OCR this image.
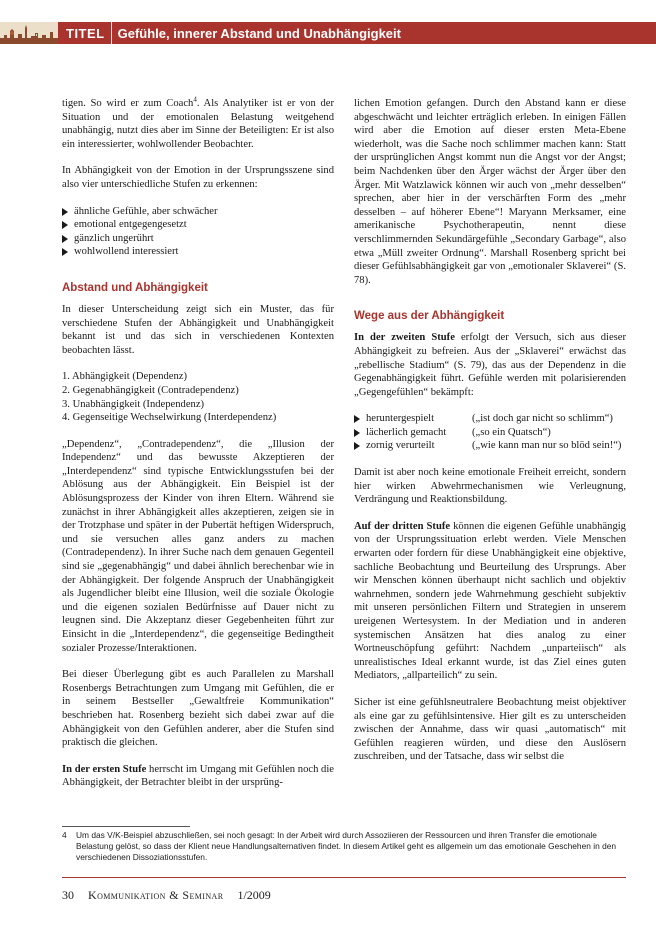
TITEL	Gefühle, innerer Abstand und Unabhängigkeit

tigen. So wird er zum Coach$^4$. Als Analytiker ist er von der Situation und der emotionalen Belastung weitgehend unabhängig, nutzt dies aber im Sinne der Beteiligten: Er ist also ein interessierter, wohlwollender Beobachter.

In Abhängigkeit von der Emotion in der Ursprungsszene sind also vier unterschiedliche Stufen zu erkennen:

ähnliche Gefühle, aber schwächer
emotional entgegengesetzt
gänzlich ungerührt
wohlwollend interessiert
Abstand und Abhängigkeit

In dieser Unterscheidung zeigt sich ein Muster, das für verschiedene Stufen der Abhängigkeit und Unabhängigkeit bekannt ist und das sich in verschiedenen Kontexten beobachten lässt.

1. Abhängigkeit (Dependenz)
2. Gegenabhängigkeit (Contradependenz)
3. Unabhängigkeit (Independenz)
4. Gegenseitige Wechselwirkung (Interdependenz)

„Dependenz“, „Contradependenz“, die „Illusion der Independenz“ und das bewusste Akzeptieren der „Interdependenz“ sind typische Entwicklungsstufen bei der Ablösung aus der Abhängigkeit. Ein Beispiel ist der Ablösungsprozess der Kinder von ihren Eltern. Während sie zunächst in ihrer Abhängigkeit alles akzeptieren, zeigen sie in der Trotzphase und später in der Pubertät heftigen Widerspruch, und sie versuchen alles ganz anders zu machen (Contradependenz). In ihrer Suche nach dem genauen Gegenteil sind sie „gegenabhängig“ und dabei ähnlich berechenbar wie in der Abhängigkeit. Der folgende Anspruch der Unabhängigkeit als Jugendlicher bleibt eine Illusion, weil die soziale Ökologie und die eigenen sozialen Bedürfnisse auf Dauer nicht zu leugnen sind. Die Akzeptanz dieser Gegebenheiten führt zur Einsicht in die „Interdependenz“, die gegenseitige Bedingtheit sozialer Prozesse/Interaktionen.

Bei dieser Überlegung gibt es auch Parallelen zu Marshall Rosenbergs Betrachtungen zum Umgang mit Gefühlen, die er in seinem Bestseller „Gewaltfreie Kommunikation“ beschrieben hat. Rosenberg bezieht sich dabei zwar auf die Abhängigkeit von den Gefühlen anderer, aber die Stufen sind praktisch die gleichen.

In der ersten Stufe herrscht im Umgang mit Gefühlen noch die Abhängigkeit, der Betrachter bleibt in der ursprüng-

lichen Emotion gefangen. Durch den Abstand kann er diese abgeschwächt und leichter erträglich erleben. In einigen Fällen wird aber die Emotion auf dieser ersten Meta-Ebene wiederholt, was die Sache noch schlimmer machen kann: Statt der ursprünglichen Angst kommt nun die Angst vor der Angst; beim Nachdenken über den Ärger wächst der Ärger über den Ärger. Mit Watzlawick können wir auch von „mehr desselben“ sprechen, aber hier in der verschärften Form des „mehr desselben – auf höherer Ebene“! Maryann Merksamer, eine amerikanische Psychotherapeutin, nennt diese verschlimmernden Sekundärgefühle „Secondary Garbage“, also etwa „Müll zweiter Ordnung“. Marshall Rosenberg spricht bei dieser Gefühlsabhängigkeit gar von „emotionaler Sklaverei“ (S. 78).

Wege aus der Abhängigkeit

In der zweiten Stufe erfolgt der Versuch, sich aus dieser Abhängigkeit zu befreien. Aus der „Sklaverei“ erwächst das „rebellische Stadium“ (S. 79), das aus der Dependenz in die Gegenabhängigkeit führt. Gefühle werden mit polarisierenden „Gegengefühlen“ bekämpft:

heruntergespielt	(„ist doch gar nicht so schlimm“)
lächerlich gemacht	(„so ein Quatsch“)
zornig verurteilt	(„wie kann man nur so blöd sein!“)

Damit ist aber noch keine emotionale Freiheit erreicht, sondern hier wirken Abwehrmechanismen wie Verleugnung, Verdrängung und Reaktionsbildung.

Auf der dritten Stufe können die eigenen Gefühle unabhängig von der Ursprungssituation erlebt werden. Viele Menschen erwarten oder fordern für diese Unabhängigkeit eine objektive, sachliche Beobachtung und Beurteilung des Ursprungs. Aber wir Menschen können überhaupt nicht sachlich und objektiv wahrnehmen, sondern jede Wahrnehmung geschieht subjektiv mit unseren persönlichen Filtern und Strategien in unserem ureigenen Wertesystem. In der Mediation und in anderen systemischen Ansätzen hat dies analog zu einer Wortneuschöpfung geführt: Nachdem „unparteiisch“ als unrealistisches Ideal erkannt wurde, ist das Ziel eines guten Mediators, „allparteilich“ zu sein.

Sicher ist eine gefühlsneutralere Beobachtung meist objektiver als eine gar zu gefühlsintensive. Hier gilt es zu unterscheiden zwischen der Annahme, dass wir quasi „automatisch“ mit Gefühlen reagieren würden, und diese den Auslösern zuschreiben, und der Tatsache, dass wir selbst die

4	Um das V/K-Beispiel abzuschließen, sei noch gesagt: In der Arbeit wird durch Assoziieren der Ressourcen und ihren Transfer die emotionale Belastung gelöst, so dass der Klient neue Handlungsalternativen findet. In diesem Artikel geht es allgemein um das emotionale Geschehen in den verschiedenen Dissoziationsstufen.
30 Kommunikation & Seminar 1/2009
